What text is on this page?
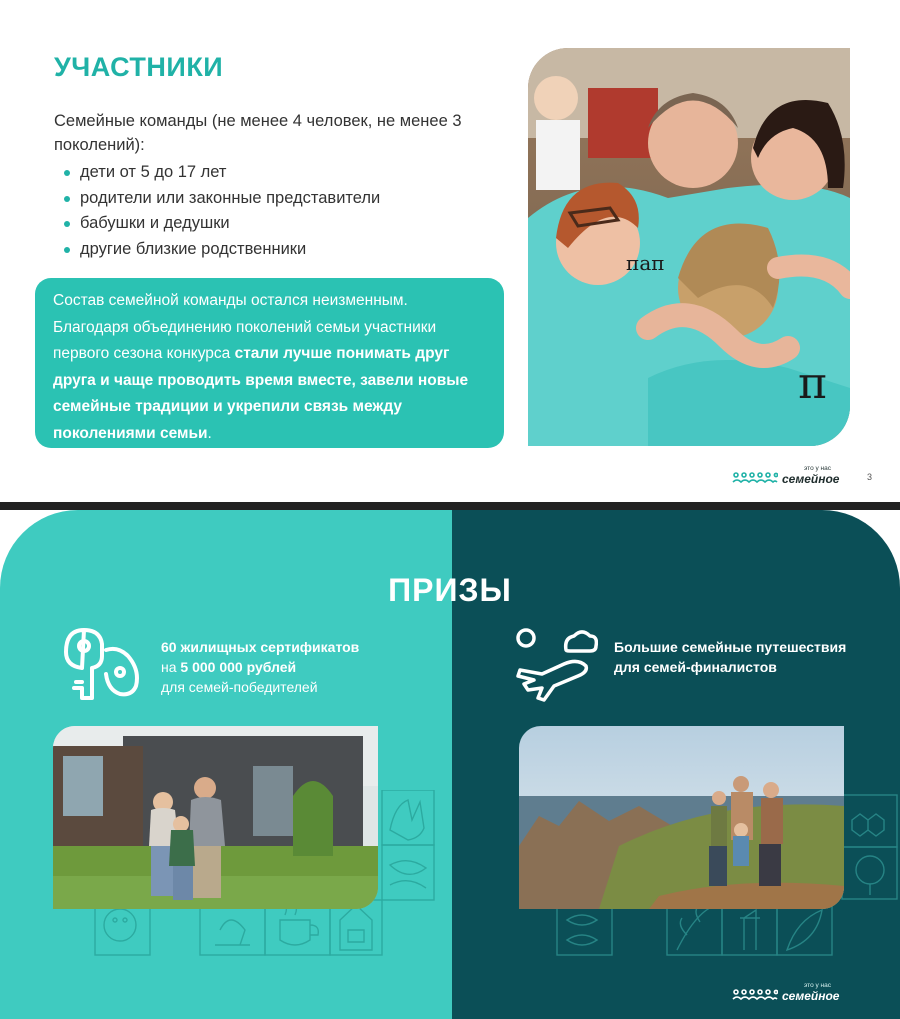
УЧАСТНИКИ

Семейные команды (не менее 4 человек, не менее 3 поколений):

дети от 5 до 17 лет
родители или законные представители
бабушки и дедушки
другие близкие родственники
Состав семейной команды остался неизменным. Благодаря объединению поколений семьи участники первого сезона конкурса стали лучше понимать друг друга и чаще проводить время вместе, завели новые семейные традиции и укрепили связь между поколениями семьи.
π
пап
это у нас
семейное	3
ПРИЗЫ
60 жилищных сертификатов
на 5 000 000 рублей
для семей-победителей
Большие семейные путешествия
для семей-финалистов
это у нас
семейное
